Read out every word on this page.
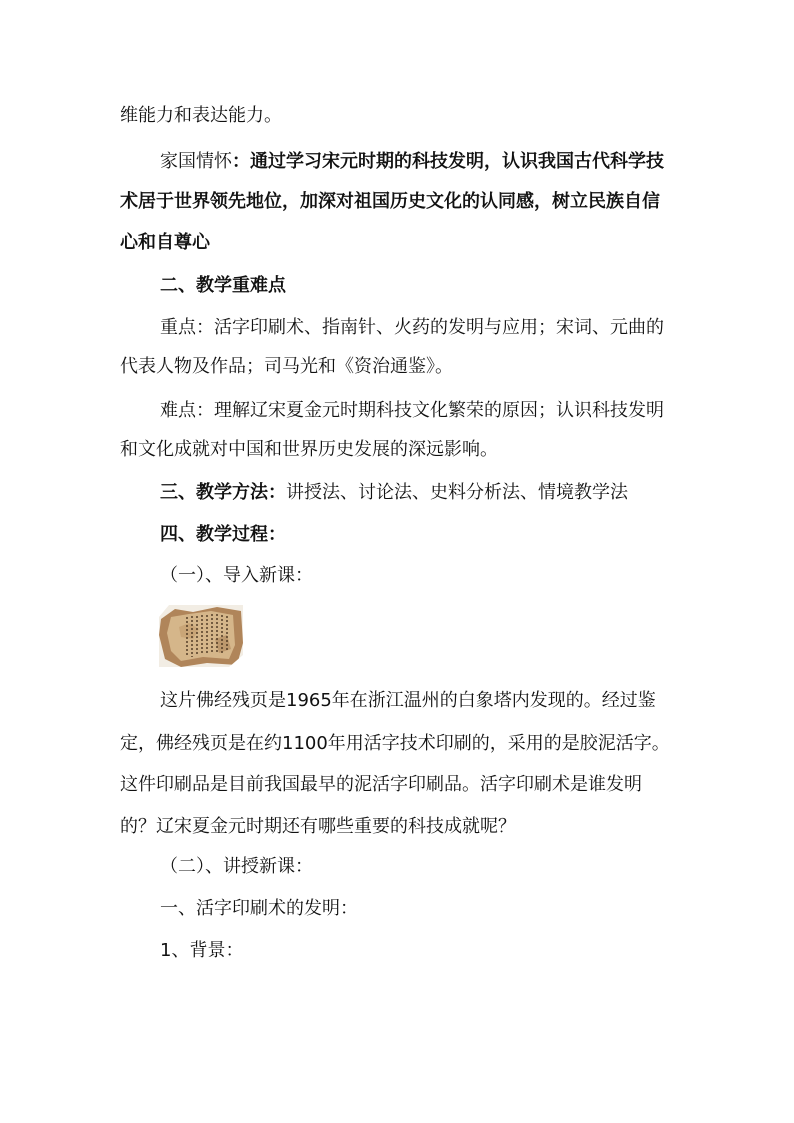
维能力和表达能力。
家国情怀：通过学习宋元时期的科技发明，认识我国古代科学技
术居于世界领先地位，加深对祖国历史文化的认同感，树立民族自信
心和自尊心
二、教学重难点
重点：活字印刷术、指南针、火药的发明与应用；宋词、元曲的
代表人物及作品；司马光和《资治通鉴》。
难点：理解辽宋夏金元时期科技文化繁荣的原因；认识科技发明
和文化成就对中国和世界历史发展的深远影响。
三、教学方法：讲授法、讨论法、史料分析法、情境教学法
四、教学过程：
（一）、导入新课：
这片佛经残页是1965年在浙江温州的白象塔内发现的。经过鉴
定，佛经残页是在约1100年用活字技术印刷的，采用的是胶泥活字。
这件印刷品是目前我国最早的泥活字印刷品。活字印刷术是谁发明
的？辽宋夏金元时期还有哪些重要的科技成就呢？
（二）、讲授新课：
一、活字印刷术的发明：
1、背景：
